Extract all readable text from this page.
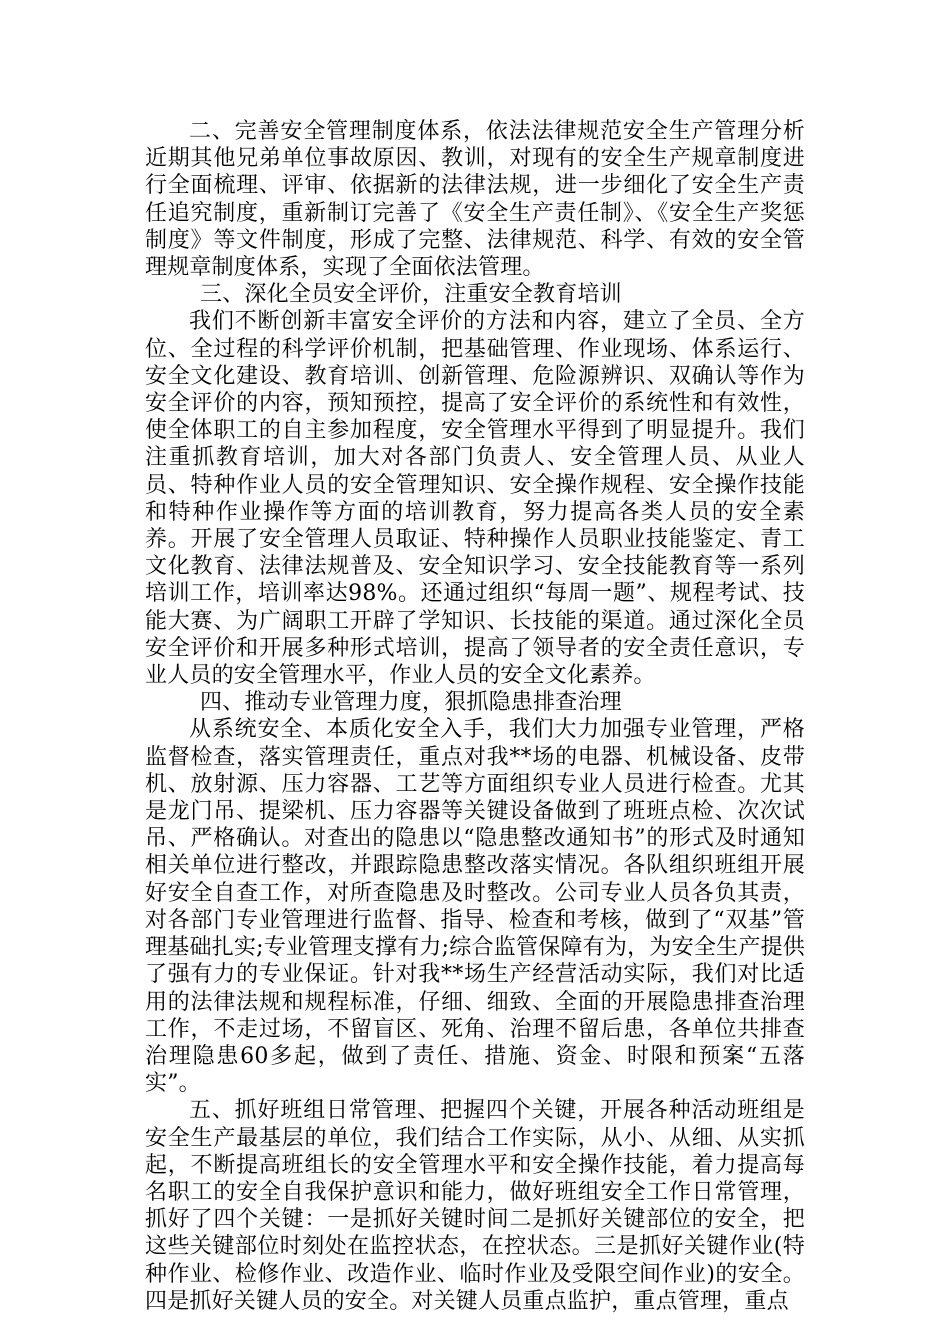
二、完善安全管理制度体系，依法法律规范安全生产管理分析近期其他兄弟单位事故原因、教训，对现有的安全生产规章制度进行全面梳理、评审、依据新的法律法规，进一步细化了安全生产责任追究制度，重新制订完善了《安全生产责任制》、《安全生产奖惩制度》等文件制度，形成了完整、法律规范、科学、有效的安全管理规章制度体系，实现了全面依法管理。

三、深化全员安全评价，注重安全教育培训

我们不断创新丰富安全评价的方法和内容，建立了全员、全方位、全过程的科学评价机制，把基础管理、作业现场、体系运行、安全文化建设、教育培训、创新管理、危险源辨识、双确认等作为安全评价的内容，预知预控，提高了安全评价的系统性和有效性，使全体职工的自主参加程度，安全管理水平得到了明显提升。我们注重抓教育培训，加大对各部门负责人、安全管理人员、从业人员、特种作业人员的安全管理知识、安全操作规程、安全操作技能和特种作业操作等方面的培训教育，努力提高各类人员的安全素养。开展了安全管理人员取证、特种操作人员职业技能鉴定、青工文化教育、法律法规普及、安全知识学习、安全技能教育等一系列培训工作，培训率达98%。还通过组织“每周一题”、规程考试、技能大赛、为广阔职工开辟了学知识、长技能的渠道。通过深化全员安全评价和开展多种形式培训，提高了领导者的安全责任意识，专业人员的安全管理水平，作业人员的安全文化素养。

四、推动专业管理力度，狠抓隐患排查治理

从系统安全、本质化安全入手，我们大力加强专业管理，严格监督检查，落实管理责任，重点对我**场的电器、机械设备、皮带机、放射源、压力容器、工艺等方面组织专业人员进行检查。尤其是龙门吊、提梁机、压力容器等关键设备做到了班班点检、次次试吊、严格确认。对查出的隐患以“隐患整改通知书”的形式及时通知相关单位进行整改，并跟踪隐患整改落实情况。各队组织班组开展好安全自查工作，对所查隐患及时整改。公司专业人员各负其责，对各部门专业管理进行监督、指导、检查和考核，做到了“双基”管理基础扎实;专业管理支撑有力;综合监管保障有为，为安全生产提供了强有力的专业保证。针对我**场生产经营活动实际，我们对比适用的法律法规和规程标准，仔细、细致、全面的开展隐患排查治理工作，不走过场，不留盲区、死角、治理不留后患，各单位共排查治理隐患60多起，做到了责任、措施、资金、时限和预案“五落实”。

五、抓好班组日常管理、把握四个关键，开展各种活动班组是安全生产最基层的单位，我们结合工作实际，从小、从细、从实抓起，不断提高班组长的安全管理水平和安全操作技能，着力提高每名职工的安全自我保护意识和能力，做好班组安全工作日常管理，抓好了四个关键：一是抓好关键时间二是抓好关键部位的安全，把这些关键部位时刻处在监控状态，在控状态。三是抓好关键作业(特种作业、检修作业、改造作业、临时作业及受限空间作业)的安全。四是抓好关键人员的安全。对关键人员重点监护，重点管理，重点
